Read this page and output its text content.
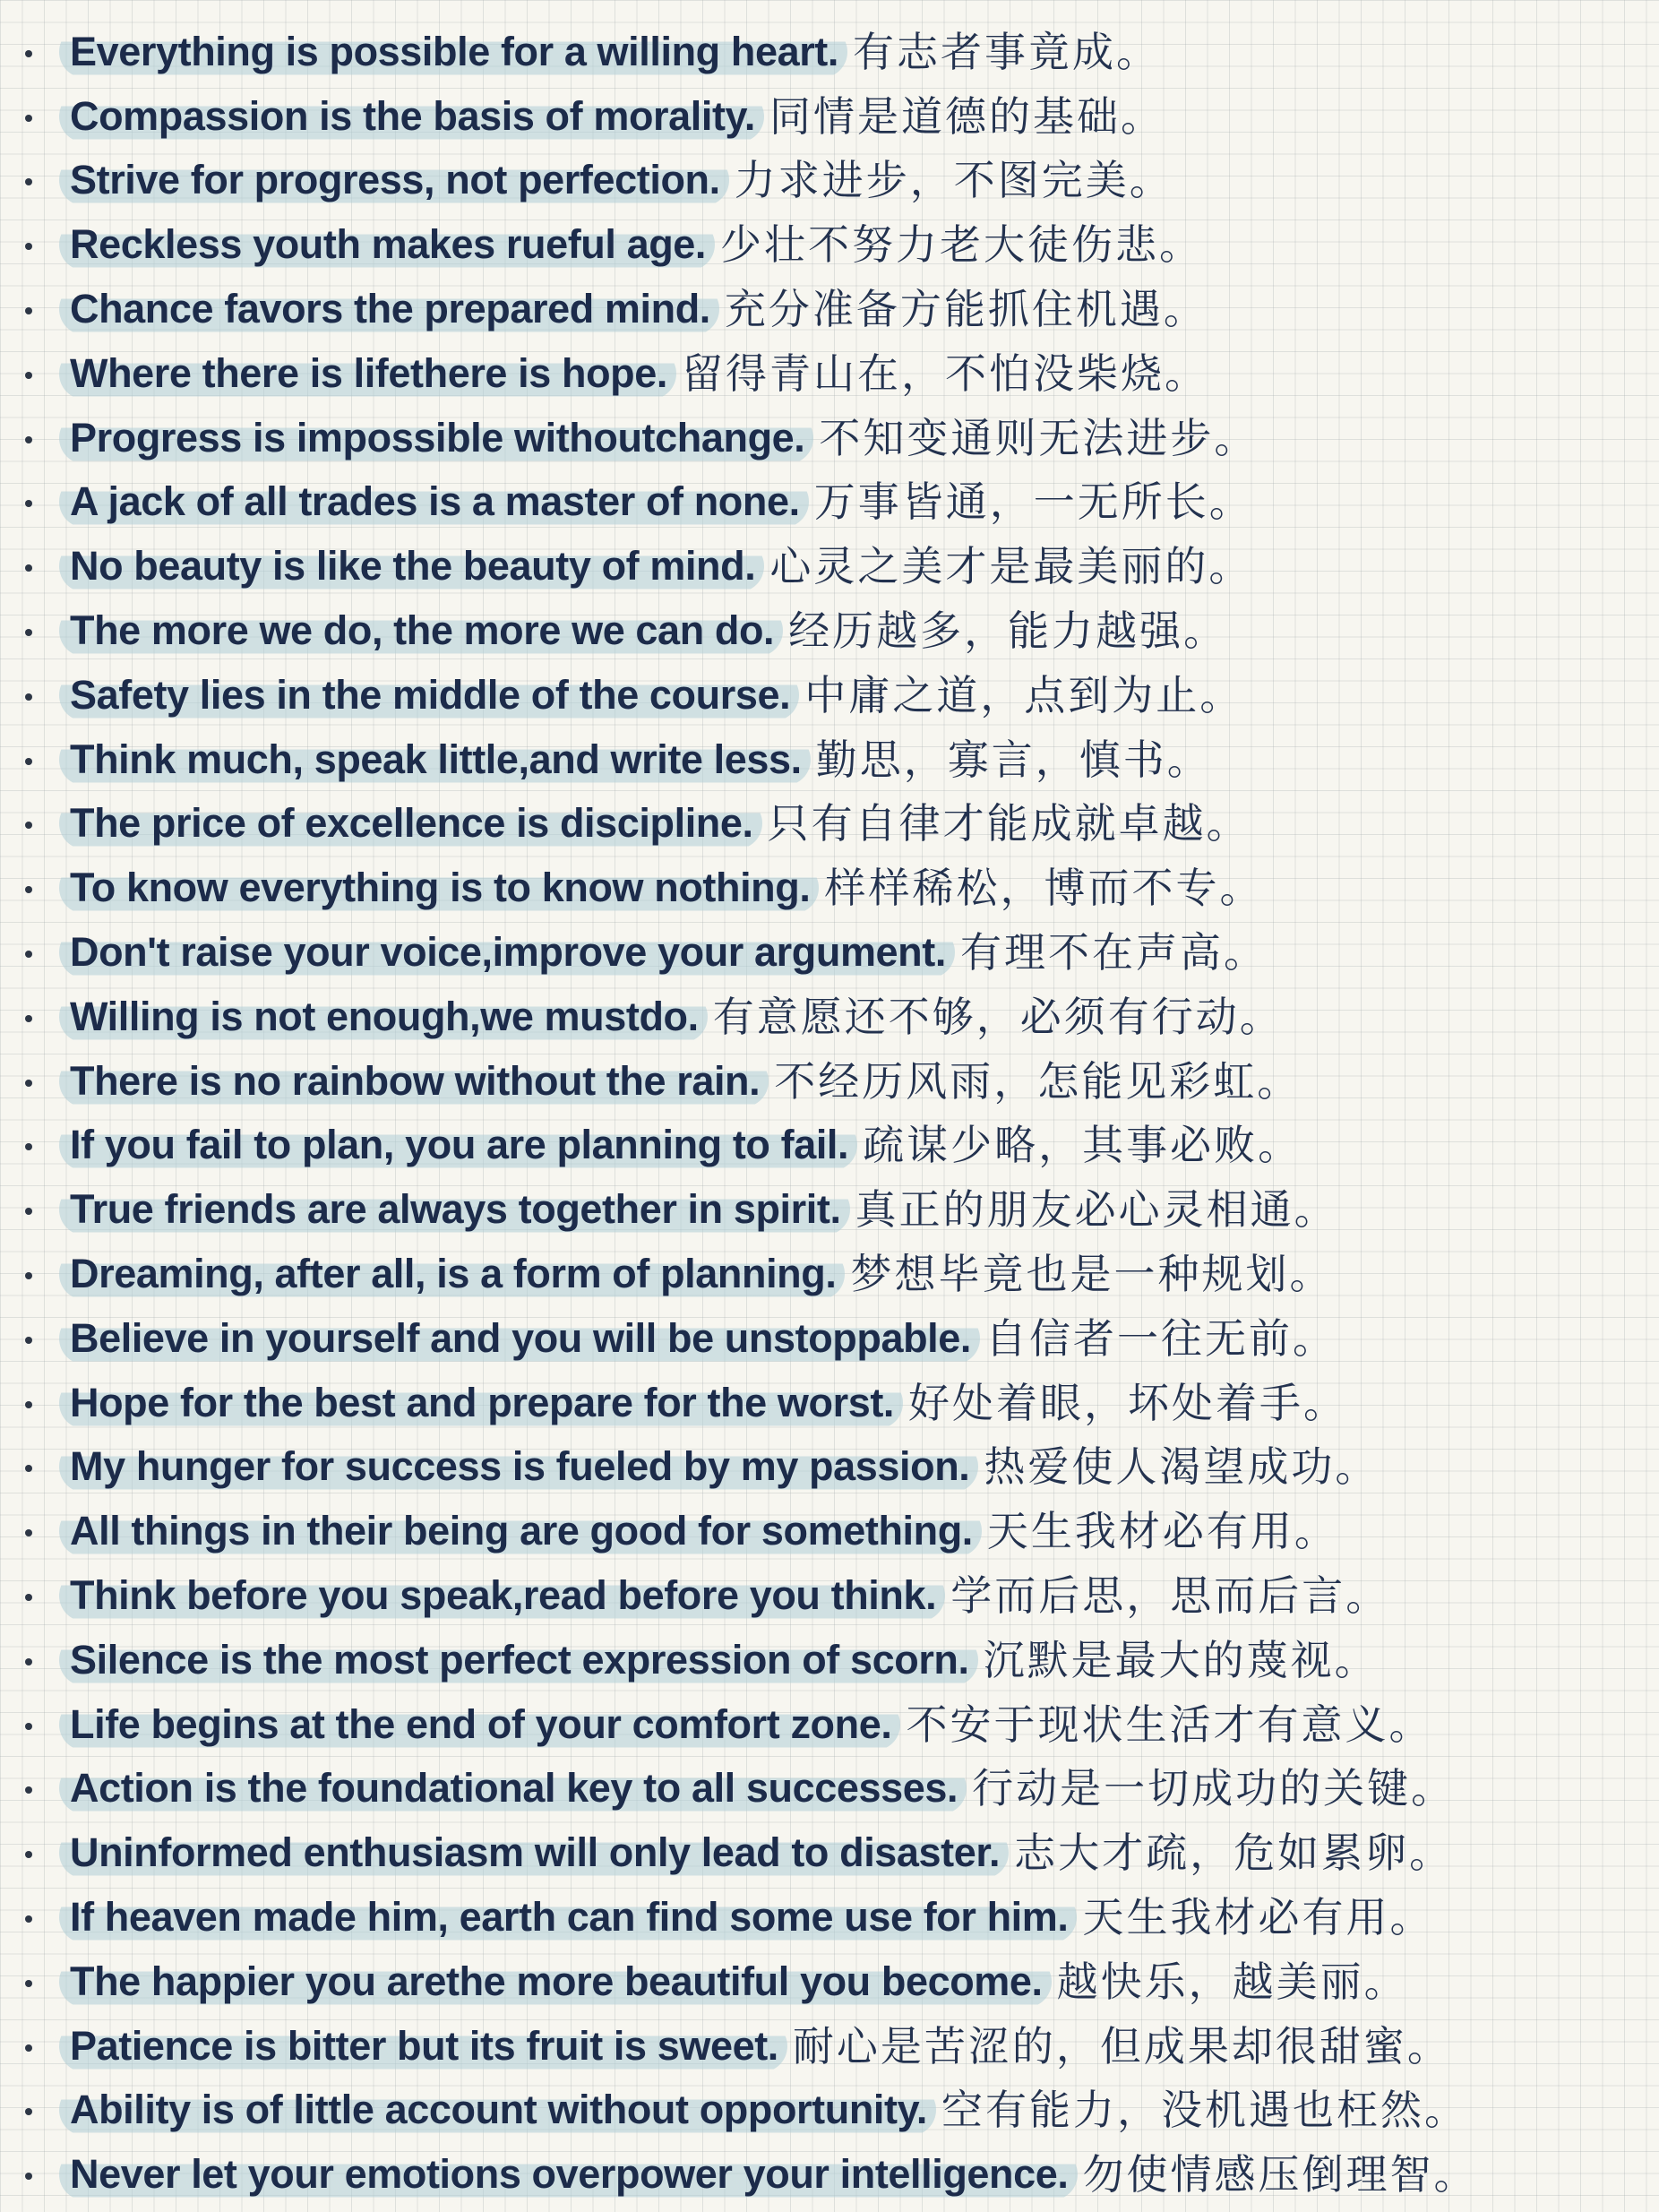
Everything is possible for a willing heart. 有志者事竟成。
Compassion is the basis of morality. 同情是道德的基础。
Strive for progress, not perfection. 力求进步，不图完美。
Reckless youth makes rueful age. 少壮不努力老大徒伤悲。
Chance favors the prepared mind. 充分准备方能抓住机遇。
Where there is lifethere is hope. 留得青山在，不怕没柴烧。
Progress is impossible withoutchange. 不知变通则无法进步。
A jack of all trades is a master of none. 万事皆通，一无所长。
No beauty is like the beauty of mind. 心灵之美才是最美丽的。
The more we do, the more we can do. 经历越多，能力越强。
Safety lies in the middle of the course. 中庸之道，点到为止。
Think much, speak little,and write less. 勤思，寡言，慎书。
The price of excellence is discipline. 只有自律才能成就卓越。
To know everything is to know nothing. 样样稀松，博而不专。
Don't raise your voice,improve your argument. 有理不在声高。
Willing is not enough,we mustdo. 有意愿还不够，必须有行动。
There is no rainbow without the rain. 不经历风雨，怎能见彩虹。
If you fail to plan, you are planning to fail. 疏谋少略，其事必败。
True friends are always together in spirit. 真正的朋友必心灵相通。
Dreaming, after all, is a form of planning. 梦想毕竟也是一种规划。
Believe in yourself and you will be unstoppable. 自信者一往无前。
Hope for the best and prepare for the worst. 好处着眼，坏处着手。
My hunger for success is fueled by my passion. 热爱使人渴望成功。
All things in their being are good for something. 天生我材必有用。
Think before you speak,read before you think. 学而后思，思而后言。
Silence is the most perfect expression of scorn. 沉默是最大的蔑视。
Life begins at the end of your comfort zone. 不安于现状生活才有意义。
Action is the foundational key to all successes. 行动是一切成功的关键。
Uninformed enthusiasm will only lead to disaster. 志大才疏，危如累卵。
If heaven made him, earth can find some use for him. 天生我材必有用。
The happier you arethe more beautiful you become. 越快乐，越美丽。
Patience is bitter but its fruit is sweet. 耐心是苦涩的，但成果却很甜蜜。
Ability is of little account without opportunity. 空有能力，没机遇也枉然。
Never let your emotions overpower your intelligence. 勿使情感压倒理智。
